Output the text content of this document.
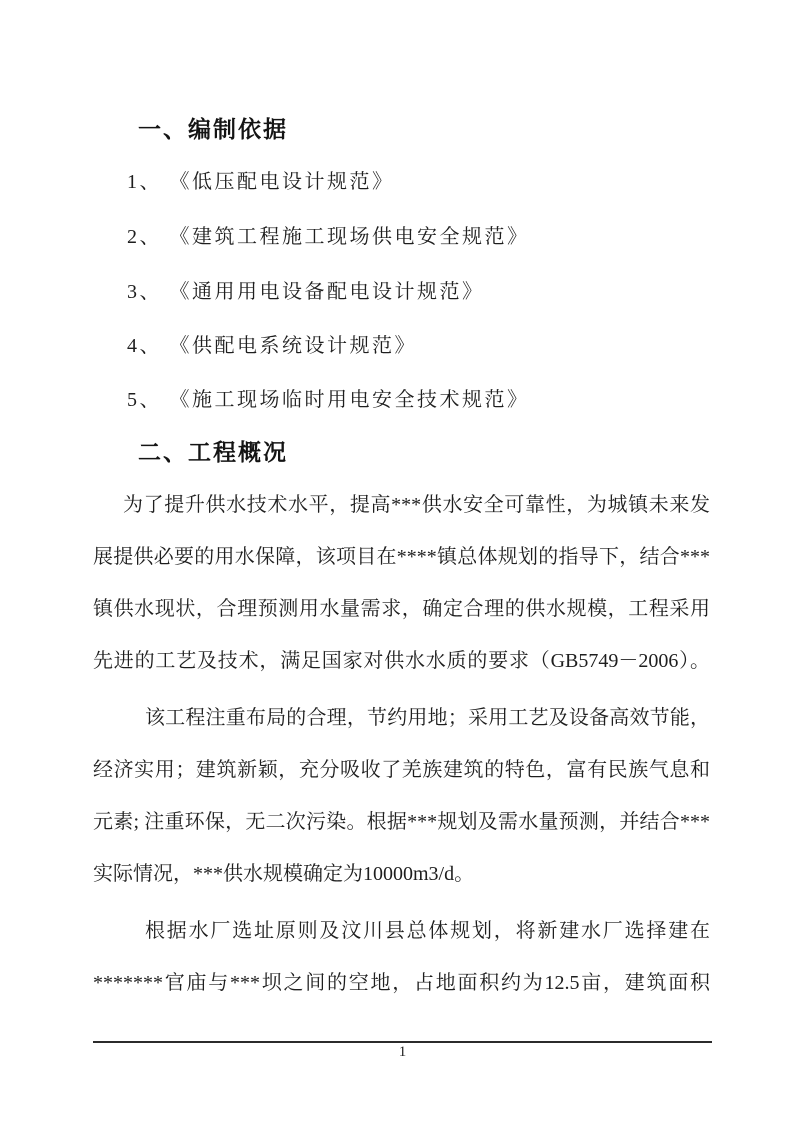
一、编制依据
1、 《低压配电设计规范》
2、 《建筑工程施工现场供电安全规范》
3、 《通用用电设备配电设计规范》
4、 《供配电系统设计规范》
5、 《施工现场临时用电安全技术规范》
二、工程概况
为了提升供水技术水平，提高***供水安全可靠性，为城镇未来发
展提供必要的用水保障，该项目在****镇总体规划的指导下，结合***
镇供水现状，合理预测用水量需求，确定合理的供水规模，工程采用
先进的工艺及技术，满足国家对供水水质的要求（GB5749－2006）。
该工程注重布局的合理，节约用地；采用工艺及设备高效节能，
经济实用；建筑新颖，充分吸收了羌族建筑的特色，富有民族气息和
元素; 注重环保，无二次污染。根据***规划及需水量预测，并结合***
实际情况，***供水规模确定为10000m3/d。
根据水厂选址原则及汶川县总体规划，将新建水厂选择建在
*******官庙与***坝之间的空地，占地面积约为12.5亩，建筑面积
1
